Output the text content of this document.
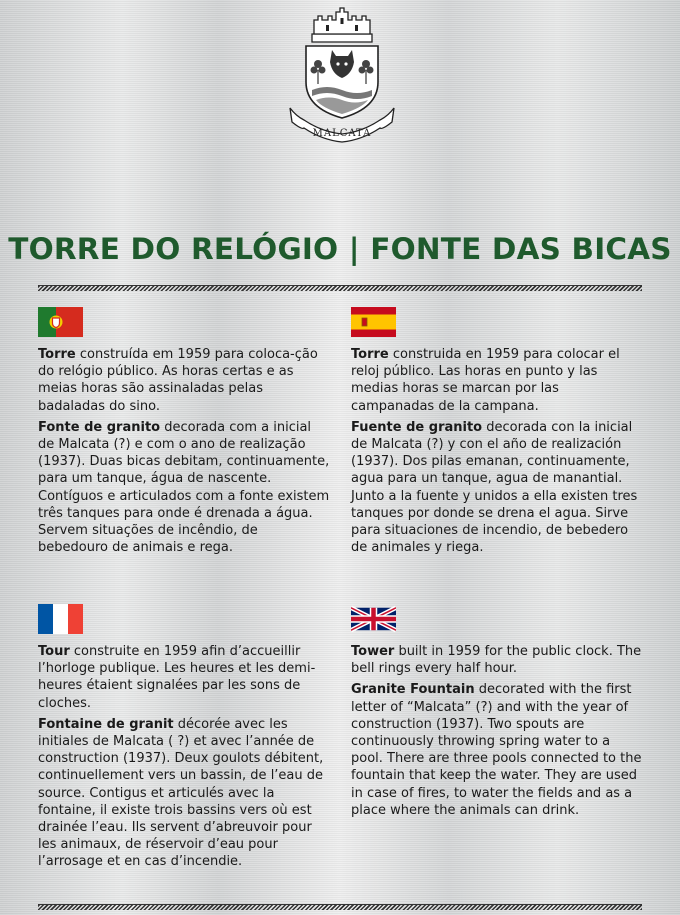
MALCATA
TORRE DO RELÓGIO | FONTE DAS BICAS

Torre construída em 1959 para coloca-ção do relógio público. As horas certas e as meias horas são assinaladas pelas badaladas do sino.

Fonte de granito decorada com a inicial de Malcata (?) e com o ano de realização (1937). Duas bicas debitam, continuamente, para um tanque, água de nascente. Contíguos e articulados com a fonte existem três tanques para onde é drenada a água. Servem situações de incêndio, de bebedouro de animais e rega.

Torre construida en 1959 para colocar el reloj público. Las horas en punto y las medias horas se marcan por las campanadas de la campana.

Fuente de granito decorada con la inicial de Malcata (?) y con el año de realización (1937). Dos pilas emanan, continuamente, agua para un tanque, agua de manantial. Junto a la fuente y unidos a ella existen tres tanques por donde se drena el agua. Sirve para situaciones de incendio, de bebedero de animales y riega.

Tour construite en 1959 afin d’accueillir l’horloge publique. Les heures et les demi-heures étaient signalées par les sons de cloches.

Fontaine de granit décorée avec les initiales de Malcata ( ?) et avec l’année de construction (1937). Deux goulots débitent, continuellement vers un bassin, de l’eau de source. Contigus et articulés avec la fontaine, il existe trois bassins vers où est drainée l’eau. Ils servent d’abreuvoir pour les animaux, de réservoir d’eau pour l’arrosage et en cas d’incendie.

Tower built in 1959 for the public clock. The bell rings every half hour.

Granite Fountain decorated with the first letter of “Malcata” (?) and with the year of construction (1937). Two spouts are continuously throwing spring water to a pool. There are three pools connected to the fountain that keep the water. They are used in case of fires, to water the fields and as a place where the animals can drink.
